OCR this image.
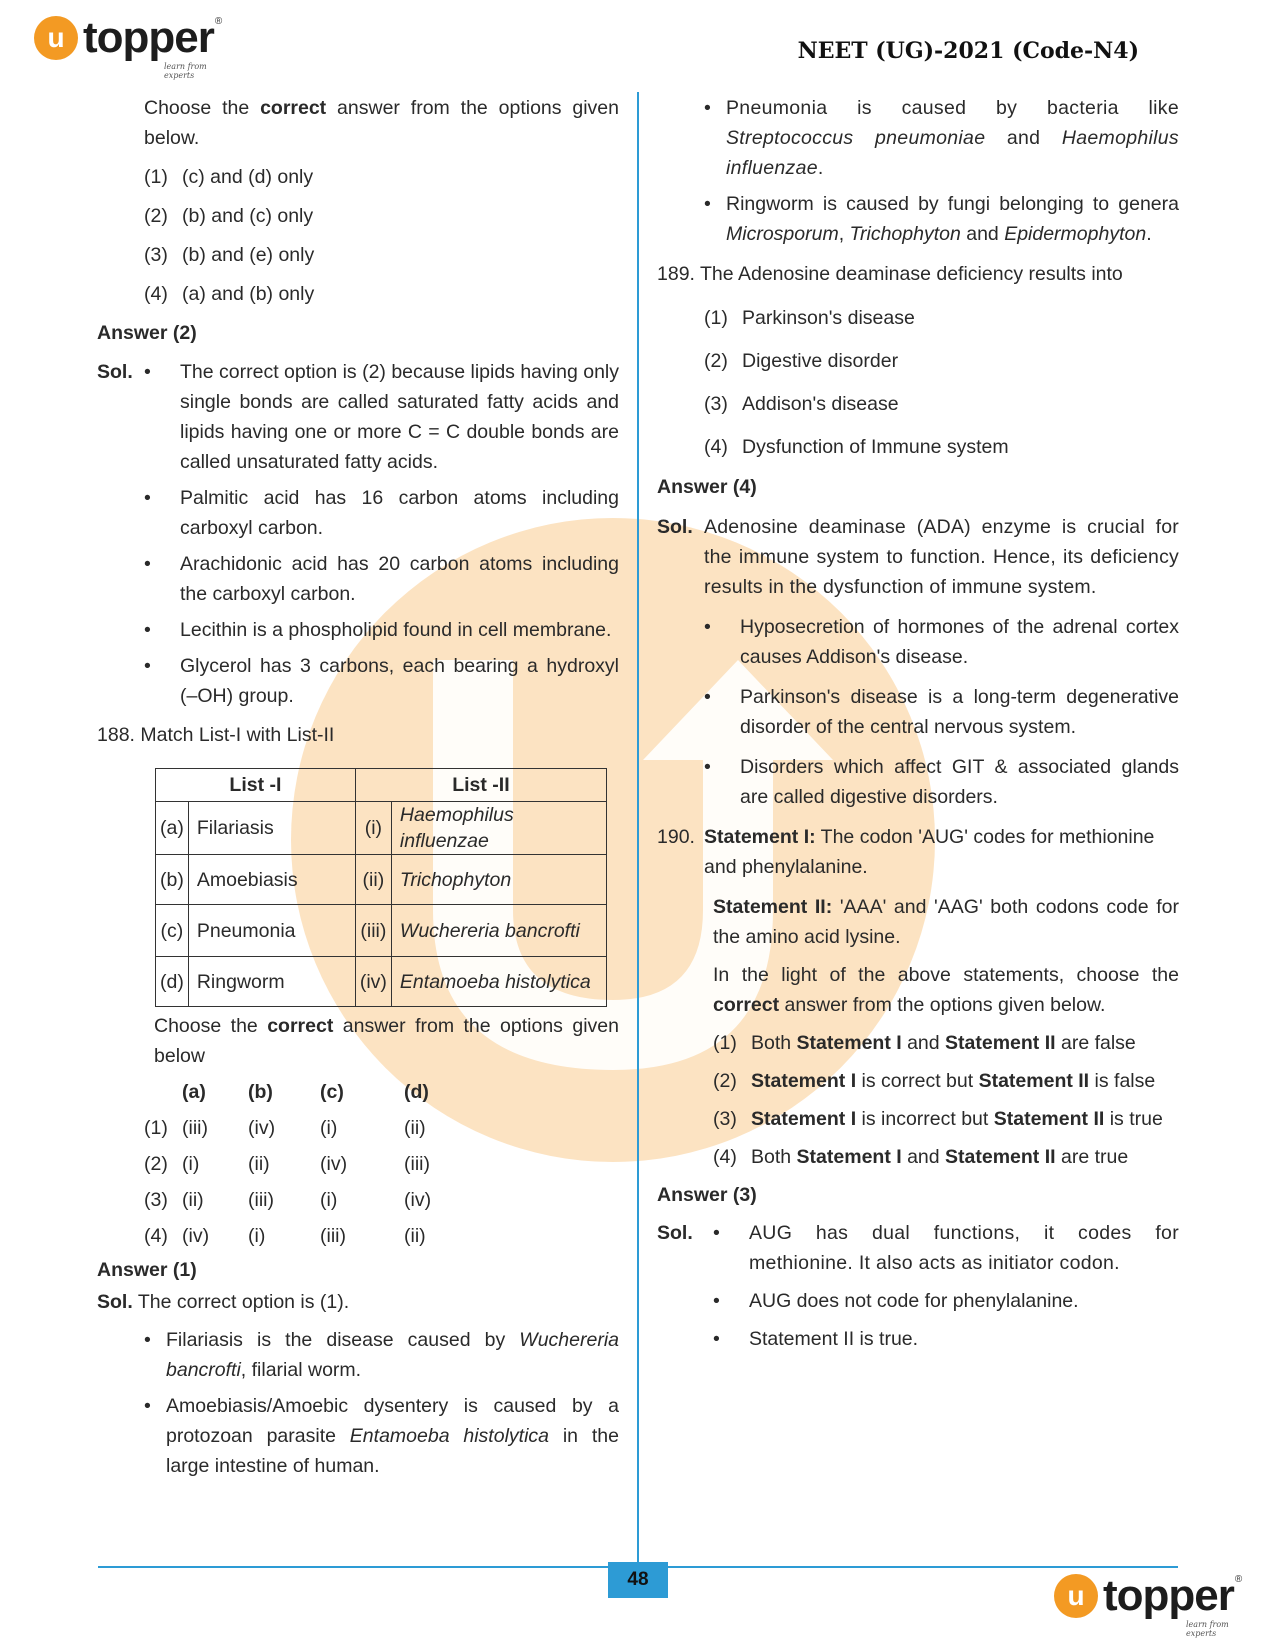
u topper ®
learn from experts
NEET (UG)-2021 (Code-N4)

Choose the correct answer from the options given below.

(1) (c) and (d) only
(2) (b) and (c) only
(3) (b) and (e) only
(4) (a) and (b) only

Answer (2)

Sol.	• The correct option is (2) because lipids having only single bonds are called saturated fatty acids and lipids having one or more C = C double bonds are called unsaturated fatty acids.

• Palmitic acid has 16 carbon atoms including carboxyl carbon.

• Arachidonic acid has 20 carbon atoms including the carboxyl carbon.

• Lecithin is a phospholipid found in cell membrane.

• Glycerol has 3 carbons, each bearing a hydroxyl (–OH) group.

188. Match List-I with List-II

List -I		List -II	
(a)	Filariasis	(i)	Haemophilus influenzae
(b)	Amoebiasis	(ii)	Trichophyton
(c)	Pneumonia	(iii)	Wuchereria bancrofti
(d)	Ringworm	(iv)	Entamoeba histolytica

Choose the correct answer from the options given below

(a)	(b)	(c)	(d)
(1) (iii)	(iv)	(i)	(ii)
(2) (i)	(ii)	(iv)	(iii)
(3) (ii)	(iii)	(i)	(iv)
(4) (iv)	(i)	(iii)	(ii)

Answer (1)

Sol. The correct option is (1).

• Filariasis is the disease caused by Wuchereria bancrofti, filarial worm.

• Amoebiasis/Amoebic dysentery is caused by a protozoan parasite Entamoeba histolytica in the large intestine of human.

• Pneumonia is caused by bacteria like Streptococcus pneumoniae and Haemophilus influenzae.

• Ringworm is caused by fungi belonging to genera Microsporum, Trichophyton and Epidermophyton.

189. The Adenosine deaminase deficiency results into

(1) Parkinson's disease
(2) Digestive disorder
(3) Addison's disease
(4) Dysfunction of Immune system

Answer (4)

Sol. Adenosine deaminase (ADA) enzyme is crucial for the immune system to function. Hence, its deficiency results in the dysfunction of immune system.

• Hyposecretion of hormones of the adrenal cortex causes Addison's disease.

• Parkinson's disease is a long-term degenerative disorder of the central nervous system.

• Disorders which affect GIT & associated glands are called digestive disorders.

190. Statement I: The codon 'AUG' codes for methionine and phenylalanine.

Statement II: 'AAA' and 'AAG' both codons code for the amino acid lysine.

In the light of the above statements, choose the correct answer from the options given below.

(1) Both Statement I and Statement II are false
(2) Statement I is correct but Statement II is false
(3) Statement I is incorrect but Statement II is true
(4) Both Statement I and Statement II are true

Answer (3)

Sol.	• AUG has dual functions, it codes for methionine. It also acts as initiator codon.

• AUG does not code for phenylalanine.

• Statement II is true.

48
u topper ®
learn from experts
